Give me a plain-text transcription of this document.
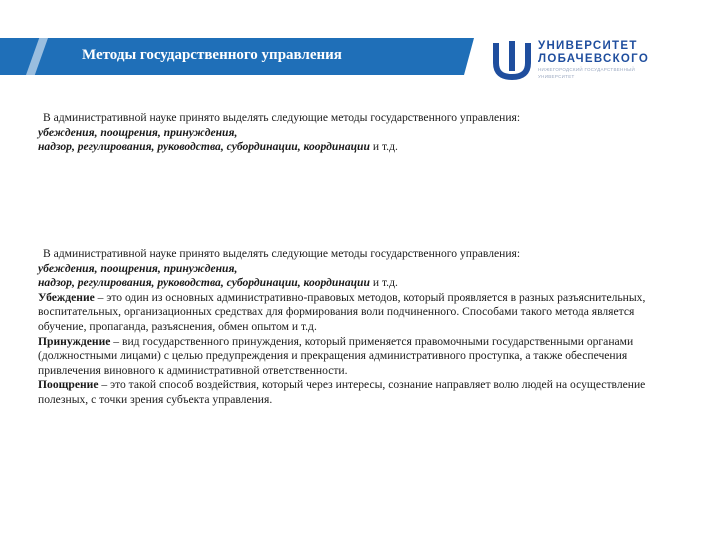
Методы государственного управления
УНИВЕРСИТЕТ
ЛОБАЧЕВСКОГО
НИЖЕГОРОДСКИЙ ГОСУДАРСТВЕННЫЙ УНИВЕРСИТЕТ

В административной науке принято выделять следующие методы государственного управления:

убеждения, поощрения, принуждения,

надзор, регулирования, руководства, субординации, координации и т.д.

В административной науке принято выделять следующие методы государственного управления:

убеждения, поощрения, принуждения,

надзор, регулирования, руководства, субординации, координации и т.д.

Убеждение – это один из основных административно-правовых методов, который проявляется в разных разъяснительных, воспитательных, организационных средствах для формирования воли подчиненного. Способами такого метода является обучение, пропаганда, разъяснения, обмен опытом и т.д.

Принуждение – вид государственного принуждения, который применяется правомочными государственными органами (должностными лицами) с целью предупреждения и прекращения административного проступка, а также обеспечения привлечения виновного к административной ответственности.

Поощрение – это такой способ воздействия, который через интересы, сознание направляет волю людей на осуществление полезных, с точки зрения субъекта управления.
